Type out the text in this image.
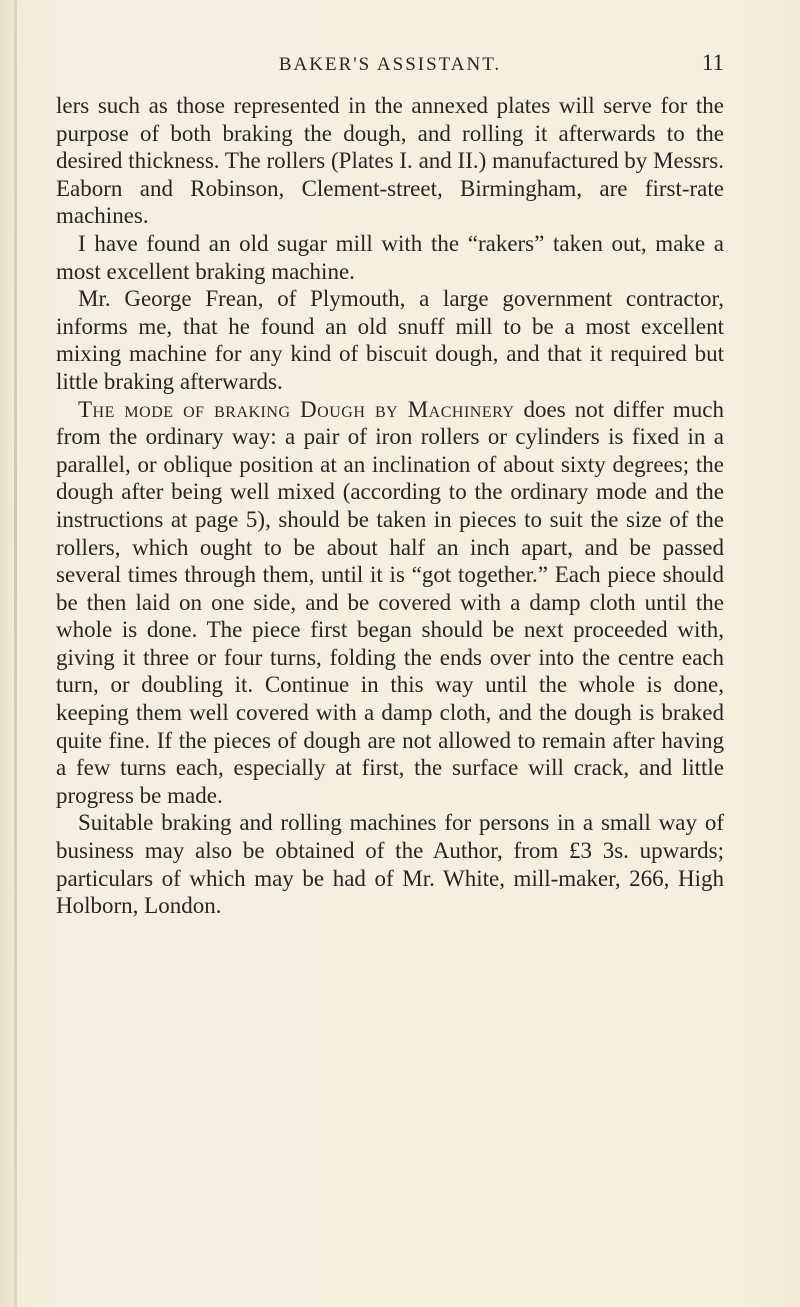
BAKER'S ASSISTANT.	11

lers such as those represented in the annexed plates will serve for the purpose of both braking the dough, and rolling it afterwards to the desired thickness. The rollers (Plates I. and II.) manufactured by Messrs. Eaborn and Robinson, Clement-street, Birmingham, are first-rate machines.

I have found an old sugar mill with the “rakers” taken out, make a most excellent braking machine.

Mr. George Frean, of Plymouth, a large government contractor, informs me, that he found an old snuff mill to be a most excellent mixing machine for any kind of biscuit dough, and that it required but little braking afterwards.

The mode of braking Dough by Machinery does not differ much from the ordinary way: a pair of iron rollers or cylinders is fixed in a parallel, or oblique position at an inclination of about sixty degrees; the dough after being well mixed (according to the ordinary mode and the instructions at page 5), should be taken in pieces to suit the size of the rollers, which ought to be about half an inch apart, and be passed several times through them, until it is “got together.” Each piece should be then laid on one side, and be covered with a damp cloth until the whole is done. The piece first began should be next proceeded with, giving it three or four turns, folding the ends over into the centre each turn, or doubling it. Continue in this way until the whole is done, keeping them well covered with a damp cloth, and the dough is braked quite fine. If the pieces of dough are not allowed to remain after having a few turns each, especially at first, the surface will crack, and little progress be made.

Suitable braking and rolling machines for persons in a small way of business may also be obtained of the Author, from £3 3s. upwards; particulars of which may be had of Mr. White, mill-maker, 266, High Holborn, London.
